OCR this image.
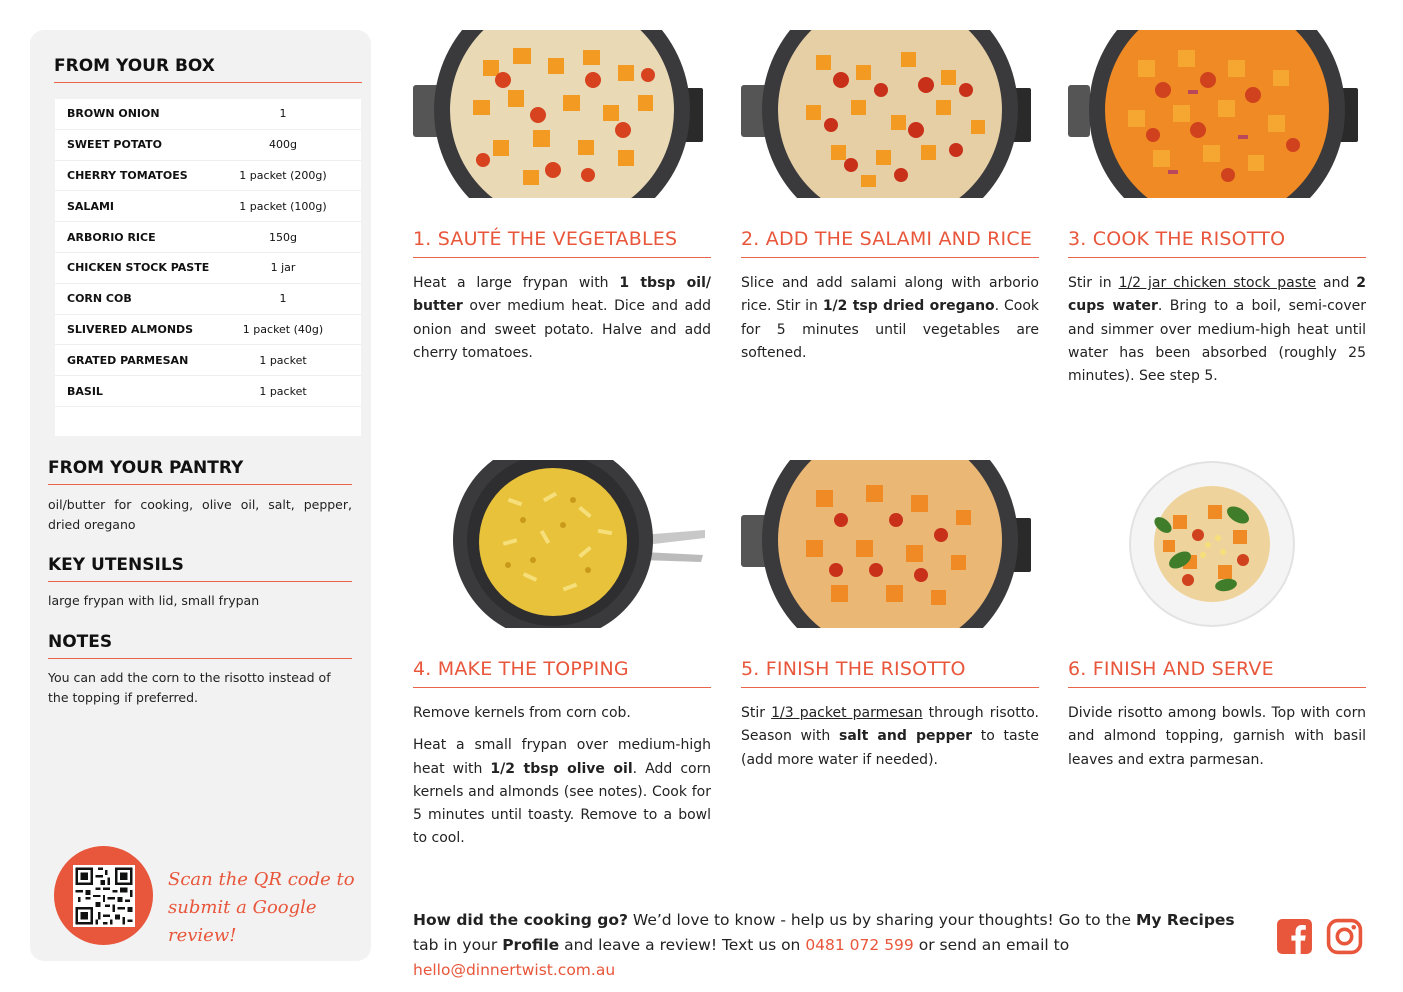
FROM YOUR BOX
BROWN ONION	1
SWEET POTATO	400g
CHERRY TOMATOES	1 packet (200g)
SALAMI	1 packet (100g)
ARBORIO RICE	150g
CHICKEN STOCK PASTE	1 jar
CORN COB	1
SLIVERED ALMONDS	1 packet (40g)
GRATED PARMESAN	1 packet
BASIL	1 packet
FROM YOUR PANTRY
oil/butter for cooking, olive oil, salt, pepper, dried oregano
KEY UTENSILS
large frypan with lid, small frypan
NOTES
You can add the corn to the risotto instead of the topping if preferred.
Scan the QR code to
submit a Google review!
1. SAUTÉ THE VEGETABLES

Heat a large frypan with 1 tbsp oil/ butter over medium heat. Dice and add onion and sweet potato. Halve and add cherry tomatoes.

2. ADD THE SALAMI AND RICE

Slice and add salami along with arborio rice. Stir in 1/2 tsp dried oregano. Cook for 5 minutes until vegetables are softened.

3. COOK THE RISOTTO

Stir in 1/2 jar chicken stock paste and 2 cups water. Bring to a boil, semi-cover and simmer over medium-high heat until water has been absorbed (roughly 25 minutes). See step 5.

4. MAKE THE TOPPING

Remove kernels from corn cob.

Heat a small frypan over medium-high heat with 1/2 tbsp olive oil. Add corn kernels and almonds (see notes). Cook for 5 minutes until toasty. Remove to a bowl to cool.

5. FINISH THE RISOTTO

Stir 1/3 packet parmesan through risotto. Season with salt and pepper to taste (add more water if needed).

6. FINISH AND SERVE

Divide risotto among bowls. Top with corn and almond topping, garnish with basil leaves and extra parmesan.

How did the cooking go? We’d love to know - help us by sharing your thoughts! Go to the My Recipes tab in your Profile and leave a review! Text us on 0481 072 599 or send an email to hello@dinnertwist.com.au
